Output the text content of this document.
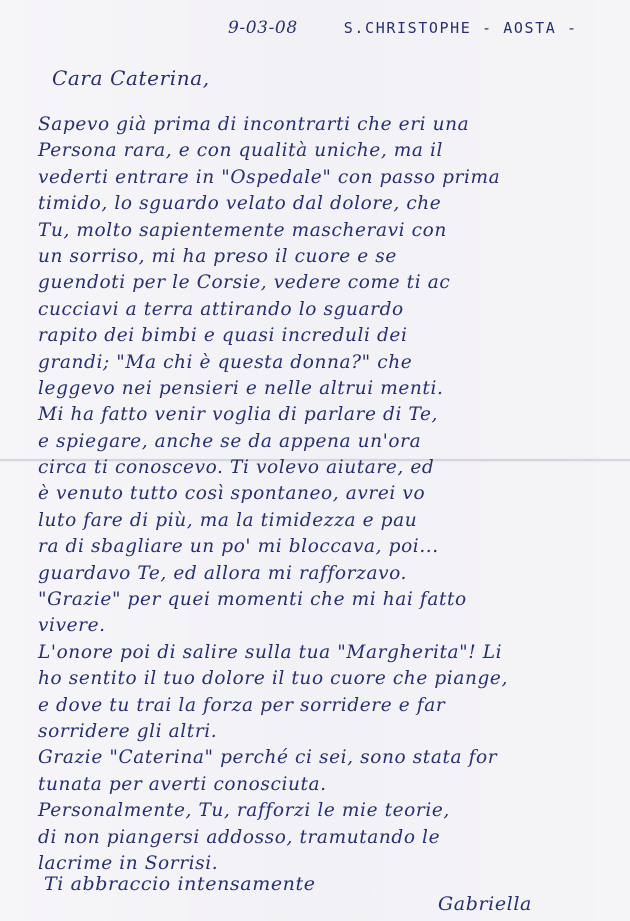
9-03-08	S.CHRISTOPHE - AOSTA -
Cara Caterina,
Sapevo già prima di incontrarti che eri una
Persona rara, e con qualità uniche, ma il
vederti entrare in "Ospedale" con passo prima
timido, lo sguardo velato dal dolore, che
Tu, molto sapientemente mascheravi con
un sorriso, mi ha preso il cuore e se
guendoti per le Corsie, vedere come ti ac
cucciavi a terra attirando lo sguardo
rapito dei bimbi e quasi increduli dei
grandi; "Ma chi è questa donna?" che
leggevo nei pensieri e nelle altrui menti.
Mi ha fatto venir voglia di parlare di Te,
e spiegare, anche se da appena un'ora
circa ti conoscevo. Ti volevo aiutare, ed
è venuto tutto così spontaneo, avrei vo
luto fare di più, ma la timidezza e pau
ra di sbagliare un po' mi bloccava, poi...
guardavo Te, ed allora mi rafforzavo.
"Grazie" per quei momenti che mi hai fatto
vivere.
L'onore poi di salire sulla tua "Margherita"! Li
ho sentito il tuo dolore il tuo cuore che piange,
e dove tu trai la forza per sorridere e far
sorridere gli altri.
Grazie "Caterina" perché ci sei, sono stata for
tunata per averti conosciuta.
Personalmente, Tu, rafforzi le mie teorie,
di non piangersi addosso, tramutando le
lacrime in Sorrisi.
Ti abbraccio intensamente
Gabriella
